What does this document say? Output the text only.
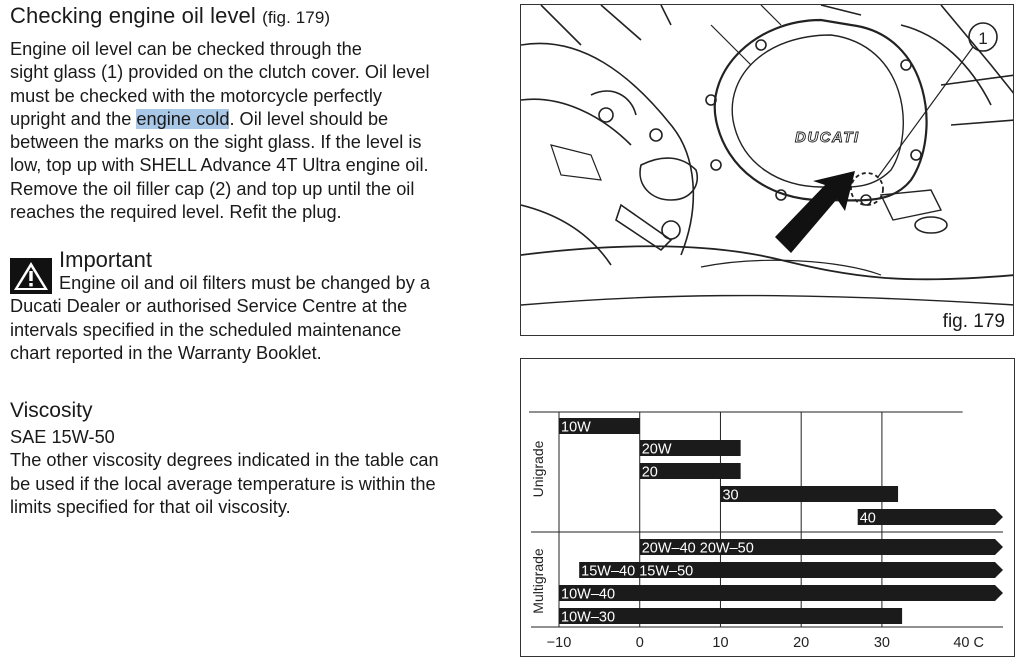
Checking engine oil level (fig. 179)

Engine oil level can be checked through the
sight glass (1) provided on the clutch cover. Oil level
must be checked with the motorcycle perfectly
upright and the engine cold. Oil level should be
between the marks on the sight glass. If the level is
low, top up with SHELL Advance 4T Ultra engine oil.
Remove the oil filler cap (2) and top up until the oil
reaches the required level. Refit the plug.

Important

Engine oil and oil filters must be changed by a
Ducati Dealer or authorised Service Centre at the
intervals specified in the scheduled maintenance
chart reported in the Warranty Booklet.

Viscosity

SAE 15W-50
The other viscosity degrees indicated in the table can
be used if the local average temperature is within the
limits specified for that oil viscosity.

DUCATI
1
fig. 179
Unigrade
Multigrade
10W
20W
20
30
40
20W–40 20W–50
15W–40 15W–50
10W–40
10W–30
−10	0	10	20	30	40 C
